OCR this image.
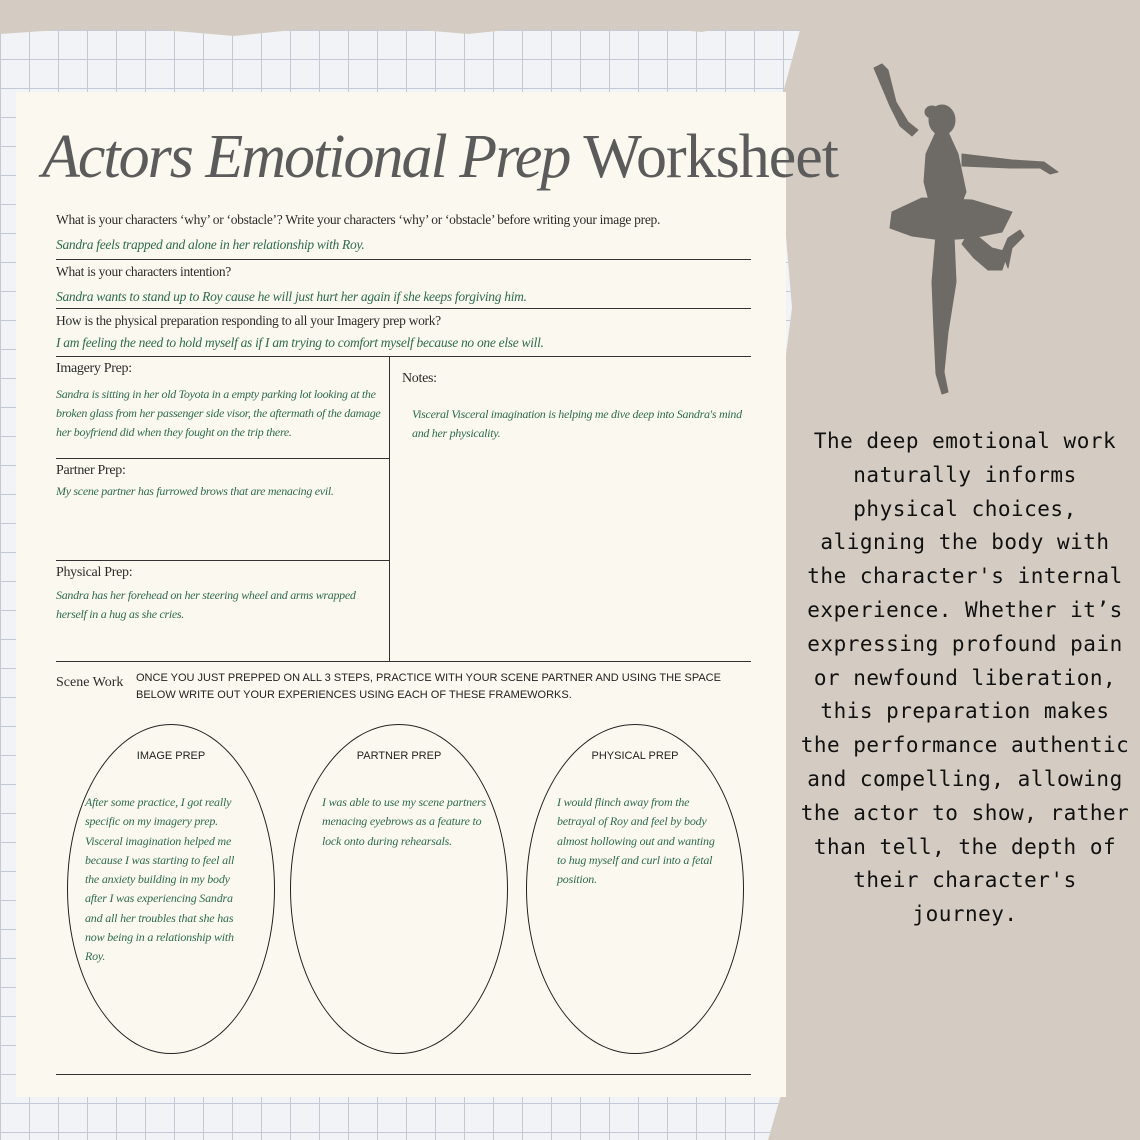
Actors Emotional Prep Worksheet
What is your characters ‘why’ or ‘obstacle’? Write your characters ‘why’ or ‘obstacle’ before writing your image prep.
Sandra feels trapped and alone in her relationship with Roy.
What is your characters intention?
Sandra wants to stand up to Roy cause he will just hurt her again if she keeps forgiving him.
How is the physical preparation responding to all your Imagery prep work?
I am feeling the need to hold myself as if I am trying to comfort myself because no one else will.
Imagery Prep:
Sandra is sitting in her old Toyota in a empty parking lot looking at the broken glass from her passenger side visor, the aftermath of the damage her boyfriend did when they fought on the trip there.
Partner Prep:
My scene partner has furrowed brows that are menacing evil.
Physical Prep:
Sandra has her forehead on her steering wheel and arms wrapped herself in a hug as she cries.
Notes:
Visceral Visceral imagination is helping me dive deep into Sandra's mind and her physicality.
Scene Work ONCE YOU JUST PREPPED ON ALL 3 STEPS, PRACTICE WITH YOUR SCENE PARTNER AND USING THE SPACE BELOW WRITE OUT YOUR EXPERIENCES USING EACH OF THESE FRAMEWORKS.
IMAGE PREP
After some practice, I got really specific on my imagery prep. Visceral imagination helped me because I was starting to feel all the anxiety building in my body after I was experiencing Sandra and all her troubles that she has now being in a relationship with Roy.
PARTNER PREP
I was able to use my scene partners menacing eyebrows as a feature to lock onto during rehearsals.
PHYSICAL PREP
I would flinch away from the betrayal of Roy and feel by body almost hollowing out and wanting to hug myself and curl into a fetal position.
The deep emotional work naturally informs physical choices, aligning the body with the character's internal experience. Whether it’s expressing profound pain or newfound liberation, this preparation makes the performance authentic and compelling, allowing the actor to show, rather than tell, the depth of their character's journey.
